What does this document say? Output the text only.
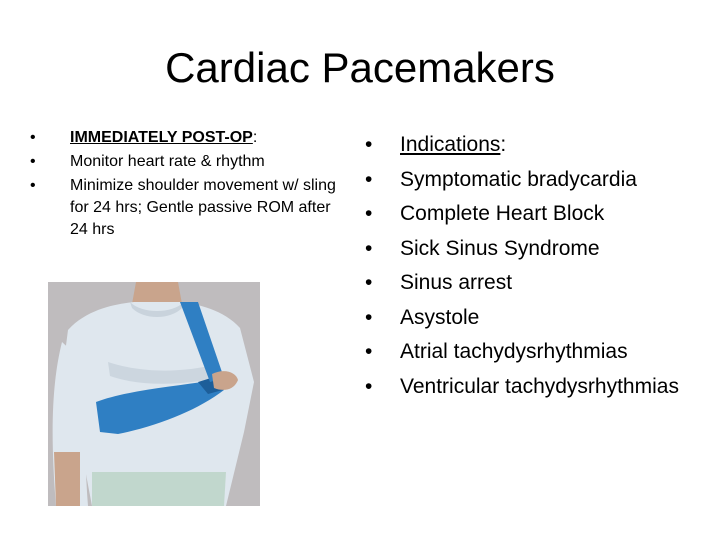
Cardiac Pacemakers
• IMMEDIATELY POST-OP:
• Monitor heart rate & rhythm
• Minimize shoulder movement w/ sling for 24 hrs; Gentle passive ROM after 24 hrs
• Indications:
• Symptomatic bradycardia
• Complete Heart Block
• Sick Sinus Syndrome
• Sinus arrest
• Asystole
• Atrial tachydysrhythmias
• Ventricular tachydysrhythmias
